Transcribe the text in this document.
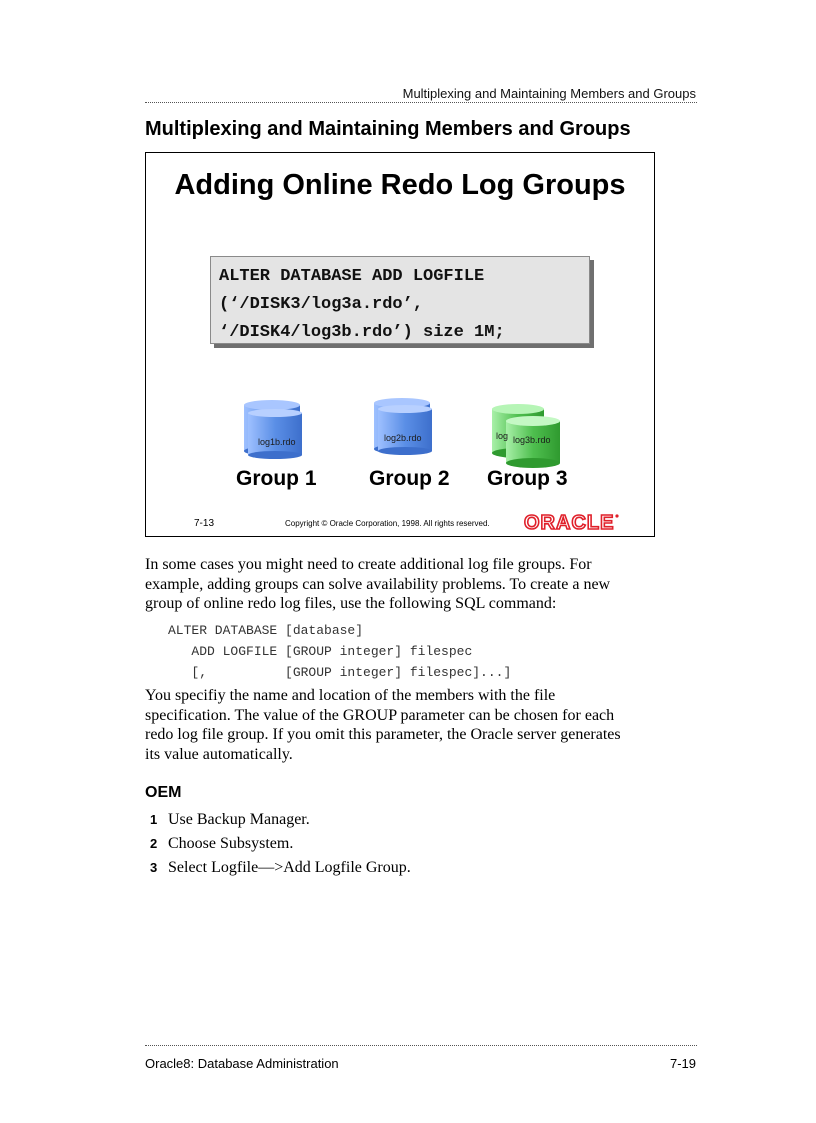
Multiplexing and Maintaining Members and Groups
Multiplexing and Maintaining Members and Groups
Adding Online Redo Log Groups
ALTER DATABASE ADD LOGFILE
(‘/DISK3/log3a.rdo’,
‘/DISK4/log3b.rdo’) size 1M;
log1b.rdo	log2b.rdo	log log3b.rdo
Group 1 Group 2 Group 3
7-13	Copyright © Oracle Corporation, 1998. All rights reserved. ORACLE
In some cases you might need to create additional log file groups. For example, adding groups can solve availability problems. To create a new group of online redo log files, use the following SQL command:
ALTER DATABASE [database]
ADD LOGFILE [GROUP integer] filespec
[,          [GROUP integer] filespec]...]
You specifiy the name and location of the members with the file specification. The value of the GROUP parameter can be chosen for each redo log file group. If you omit this parameter, the Oracle server generates its value automatically.
OEM
1 Use Backup Manager.
2 Choose Subsystem.
3 Select Logfile—>Add Logfile Group.
Oracle8: Database Administration	7-19
